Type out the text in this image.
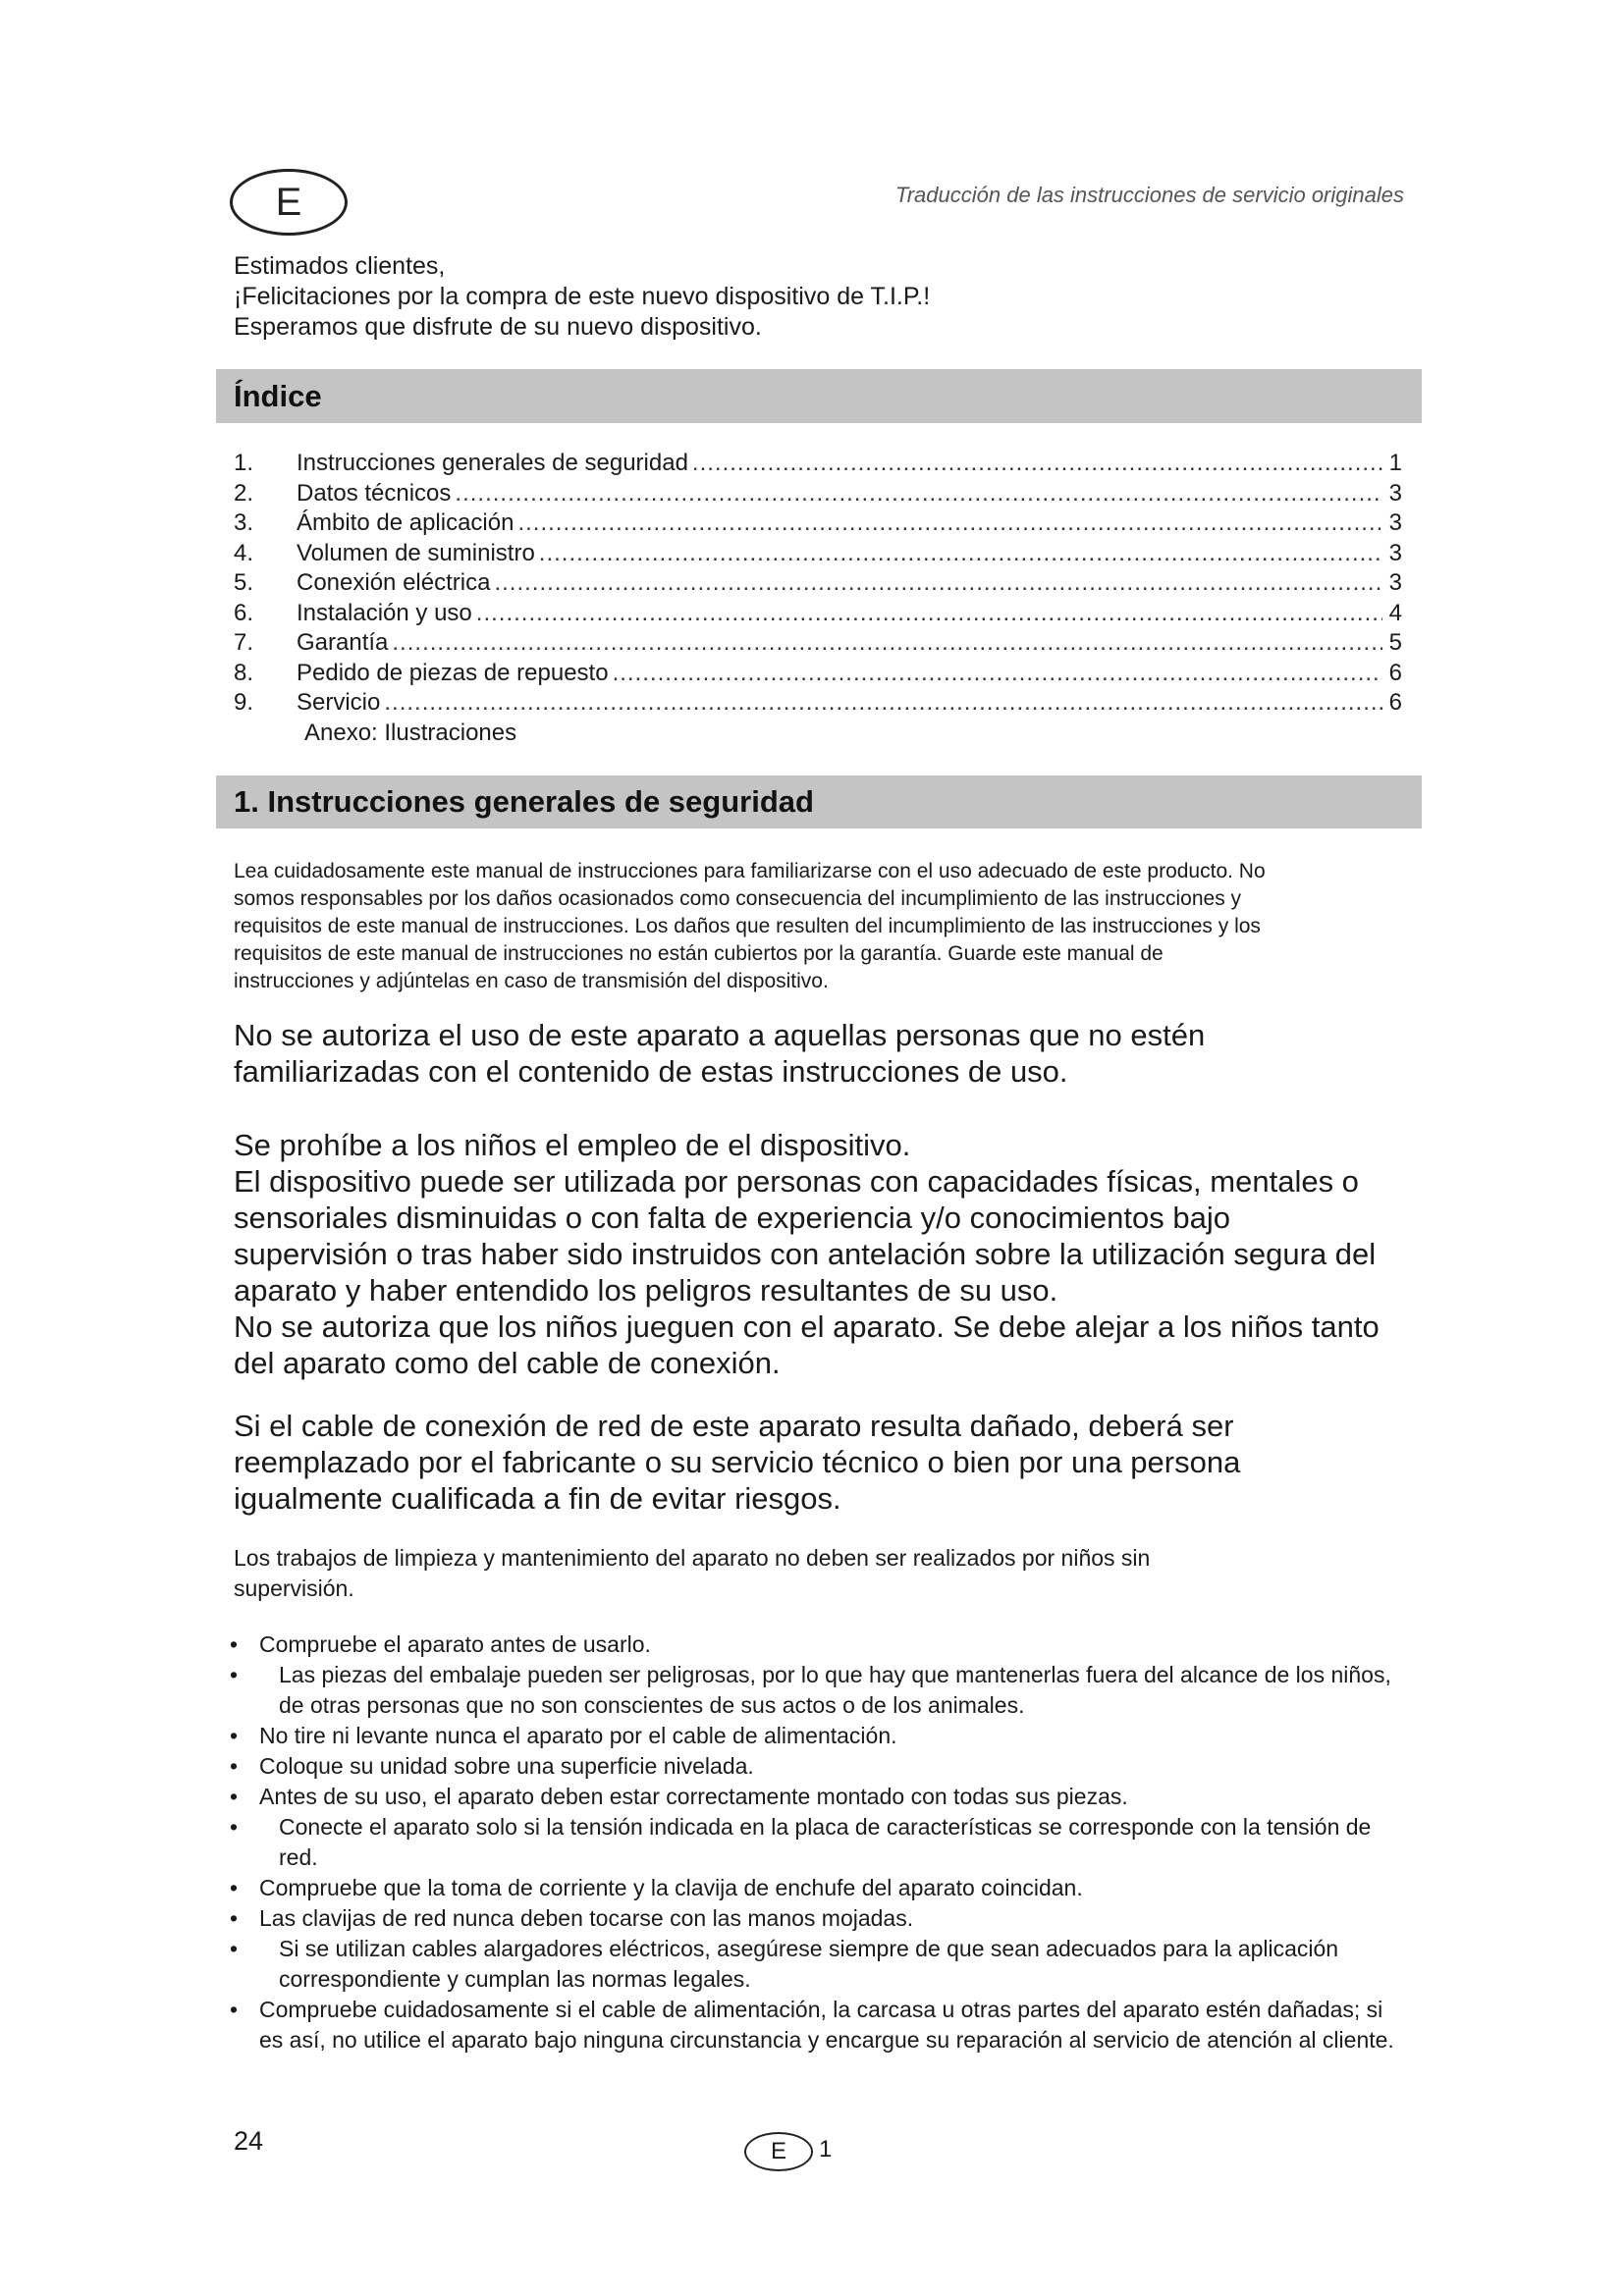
E	Traducción de las instrucciones de servicio originales
Estimados clientes,
¡Felicitaciones por la compra de este nuevo dispositivo de T.I.P.!
Esperamos que disfrute de su nuevo dispositivo.
Índice
1.	Instrucciones generales de seguridad .....	1
2.	Datos técnicos .....	3
3.	Ámbito de aplicación .....	3
4.	Volumen de suministro .....	3
5.	Conexión eléctrica .....	3
6.	Instalación y uso .....	4
7.	Garantía .....	5
8.	Pedido de piezas de repuesto .....	6
9.	Servicio .....	6
Anexo: Ilustraciones
1. Instrucciones generales de seguridad
Lea cuidadosamente este manual de instrucciones para familiarizarse con el uso adecuado de este producto. No
somos responsables por los daños ocasionados como consecuencia del incumplimiento de las instrucciones y
requisitos de este manual de instrucciones. Los daños que resulten del incumplimiento de las instrucciones y los
requisitos de este manual de instrucciones no están cubiertos por la garantía. Guarde este manual de
instrucciones y adjúntelas en caso de transmisión del dispositivo.
No se autoriza el uso de este aparato a aquellas personas que no estén
familiarizadas con el contenido de estas instrucciones de uso.
Se prohíbe a los niños el empleo de el dispositivo.
El dispositivo puede ser utilizada por personas con capacidades físicas, mentales o
sensoriales disminuidas o con falta de experiencia y/o conocimientos bajo
supervisión o tras haber sido instruidos con antelación sobre la utilización segura del
aparato y haber entendido los peligros resultantes de su uso.
No se autoriza que los niños jueguen con el aparato. Se debe alejar a los niños tanto
del aparato como del cable de conexión.
Si el cable de conexión de red de este aparato resulta dañado, deberá ser
reemplazado por el fabricante o su servicio técnico o bien por una persona
igualmente cualificada a fin de evitar riesgos.
Los trabajos de limpieza y mantenimiento del aparato no deben ser realizados por niños sin
supervisión.
• Compruebe el aparato antes de usarlo.
• Las piezas del embalaje pueden ser peligrosas, por lo que hay que mantenerlas fuera del alcance de los niños, de otras personas que no son conscientes de sus actos o de los animales.
• No tire ni levante nunca el aparato por el cable de alimentación.
• Coloque su unidad sobre una superficie nivelada.
• Antes de su uso, el aparato deben estar correctamente montado con todas sus piezas.
• Conecte el aparato solo si la tensión indicada en la placa de características se corresponde con la tensión de red.
• Compruebe que la toma de corriente y la clavija de enchufe del aparato coincidan.
• Las clavijas de red nunca deben tocarse con las manos mojadas.
• Si se utilizan cables alargadores eléctricos, asegúrese siempre de que sean adecuados para la aplicación correspondiente y cumplan las normas legales.
• Compruebe cuidadosamente si el cable de alimentación, la carcasa u otras partes del aparato estén dañadas; si es así, no utilice el aparato bajo ninguna circunstancia y encargue su reparación al servicio de atención al cliente.
24	E	1
